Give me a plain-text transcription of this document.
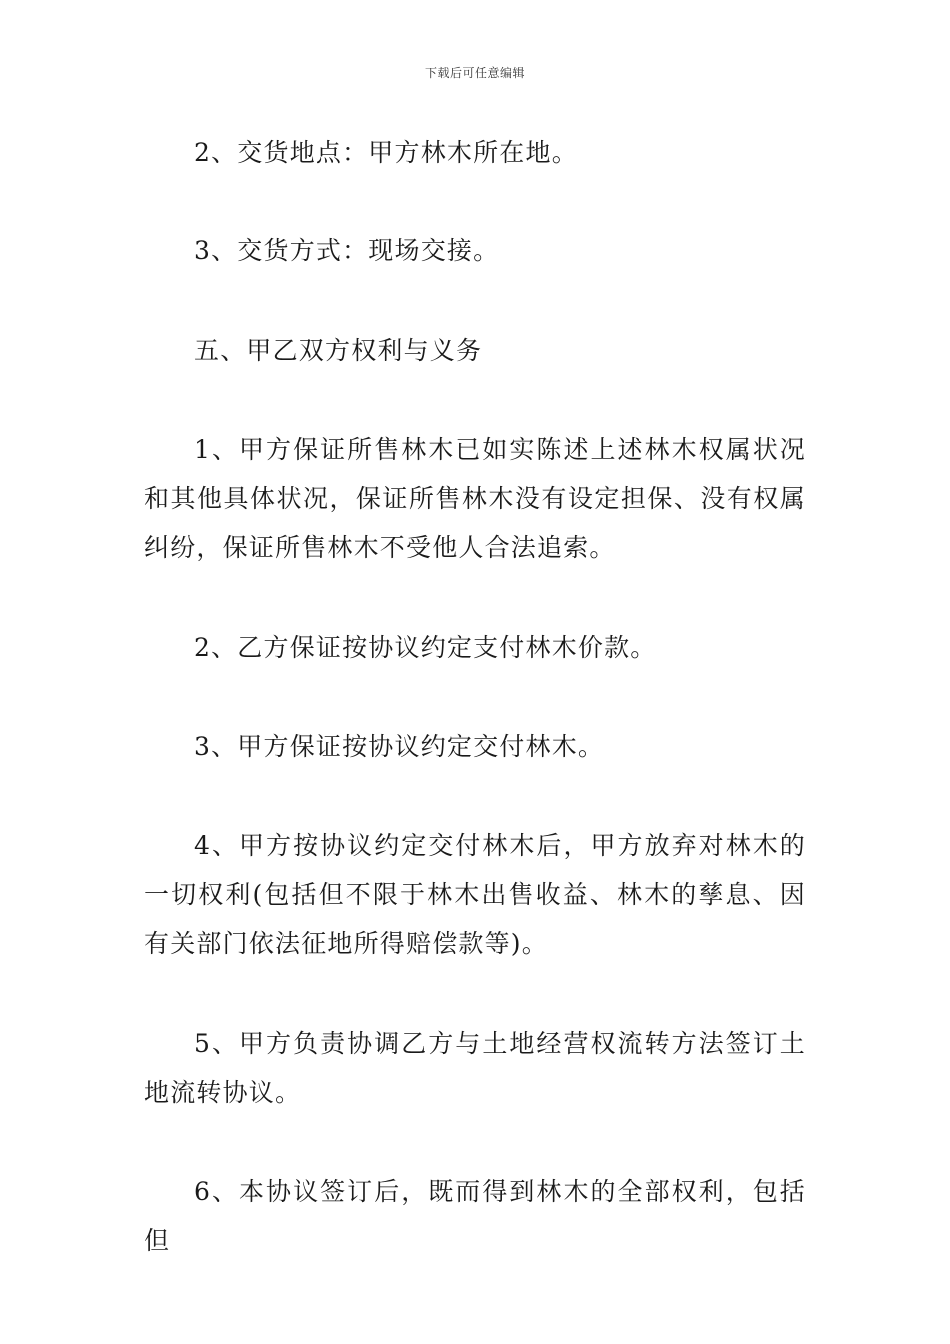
下载后可任意编辑

2、交货地点：甲方林木所在地。

3、交货方式：现场交接。

五、甲乙双方权利与义务

1、甲方保证所售林木已如实陈述上述林木权属状况和其他具体状况，保证所售林木没有设定担保、没有权属纠纷，保证所售林木不受他人合法追索。

2、乙方保证按协议约定支付林木价款。

3、甲方保证按协议约定交付林木。

4、甲方按协议约定交付林木后，甲方放弃对林木的一切权利(包括但不限于林木出售收益、林木的孳息、因有关部门依法征地所得赔偿款等)。

5、甲方负责协调乙方与土地经营权流转方法签订土地流转协议。

6、本协议签订后，既而得到林木的全部权利，包括但
